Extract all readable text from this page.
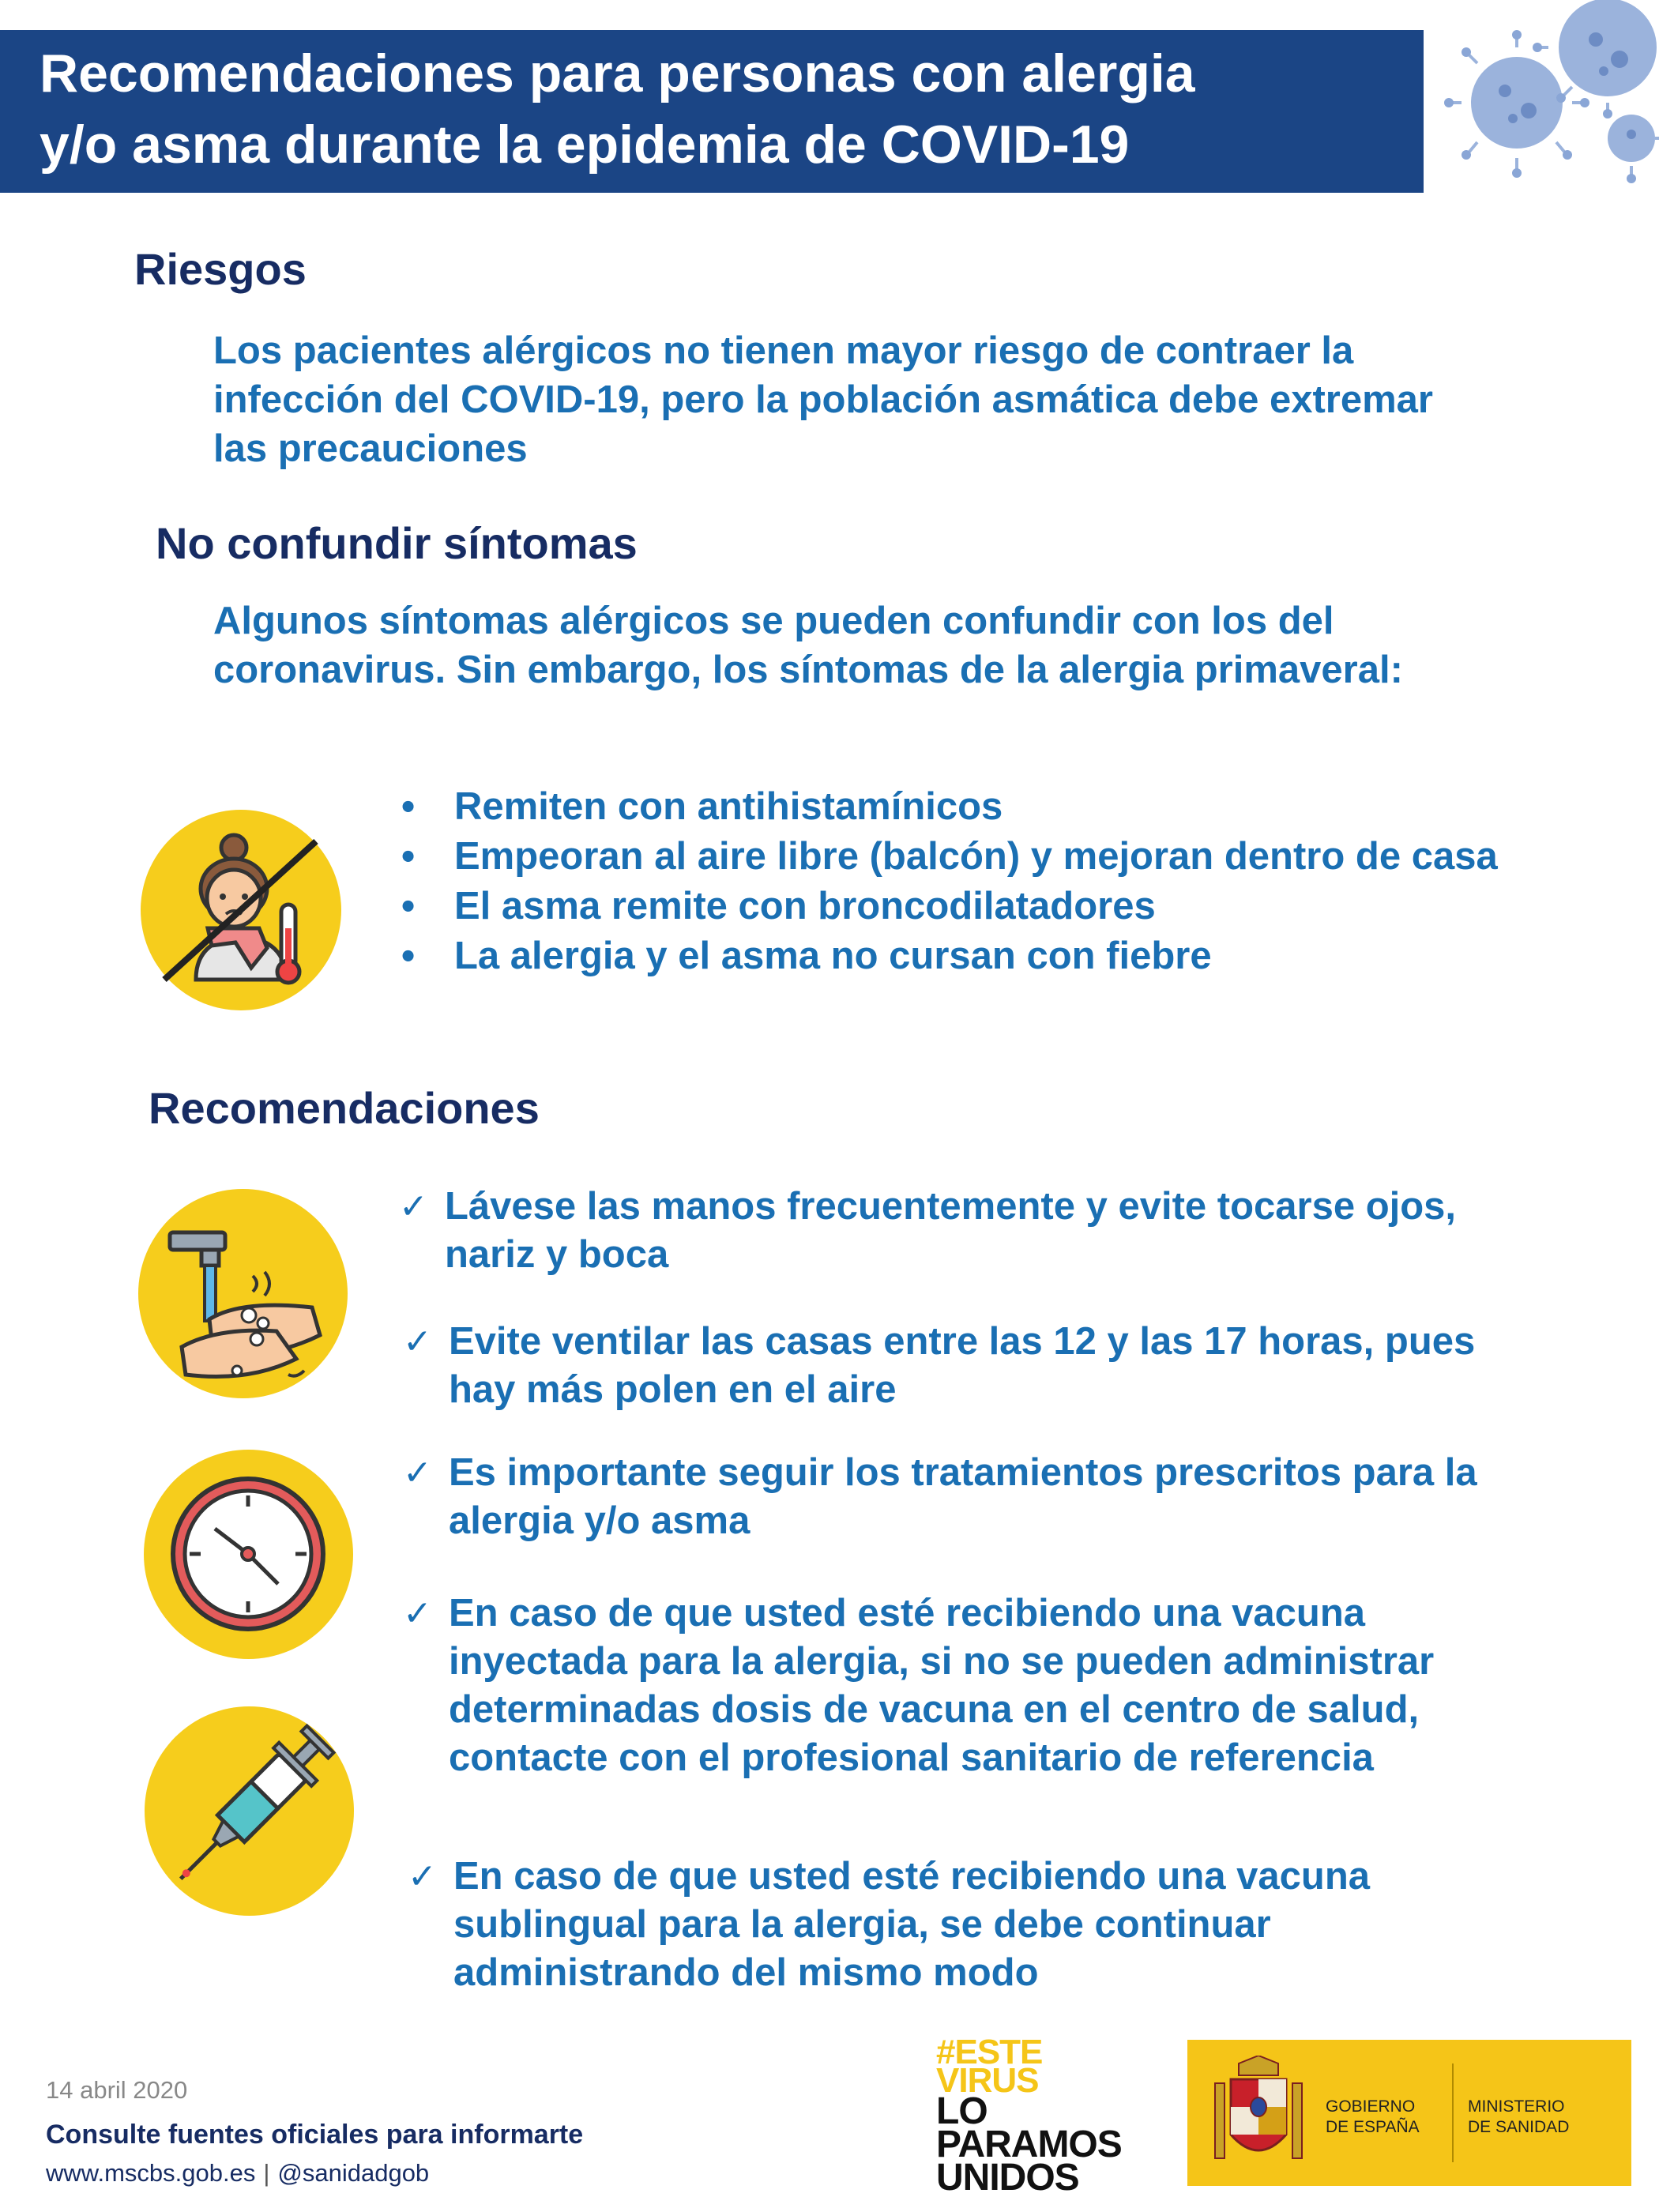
Recomendaciones para personas con alergia
y/o asma durante la epidemia de COVID-19
Riesgos

Los pacientes alérgicos no tienen mayor riesgo de contraer la infección del COVID-19, pero la población asmática debe extremar las precauciones

No confundir síntomas

Algunos síntomas alérgicos se pueden confundir con los del coronavirus. Sin embargo, los síntomas de la alergia primaveral:

• Remiten con antihistamínicos
• Empeoran al aire libre (balcón) y mejoran dentro de casa
• El asma remite con broncodilatadores
• La alergia y el asma no cursan con fiebre
Recomendaciones
✓ Lávese las manos frecuentemente y evite tocarse ojos, nariz y boca
✓ Evite ventilar las casas entre las 12 y las 17 horas, pues hay más polen en el aire
✓ Es importante seguir los tratamientos prescritos para la alergia y/o asma
✓ En caso de que usted esté recibiendo una vacuna inyectada para la alergia, si no se pueden administrar determinadas dosis de vacuna en el centro de salud, contacte con el profesional sanitario de referencia
✓ En caso de que usted esté recibiendo una vacuna sublingual para la alergia, se debe continuar administrando del mismo modo
14 abril 2020
Consulte fuentes oficiales para informarte
www.mscbs.gob.es | @sanidadgob
#ESTE
VIRUS
LO
PARAMOS
UNIDOS
GOBIERNO
DE ESPAÑA
MINISTERIO
DE SANIDAD
